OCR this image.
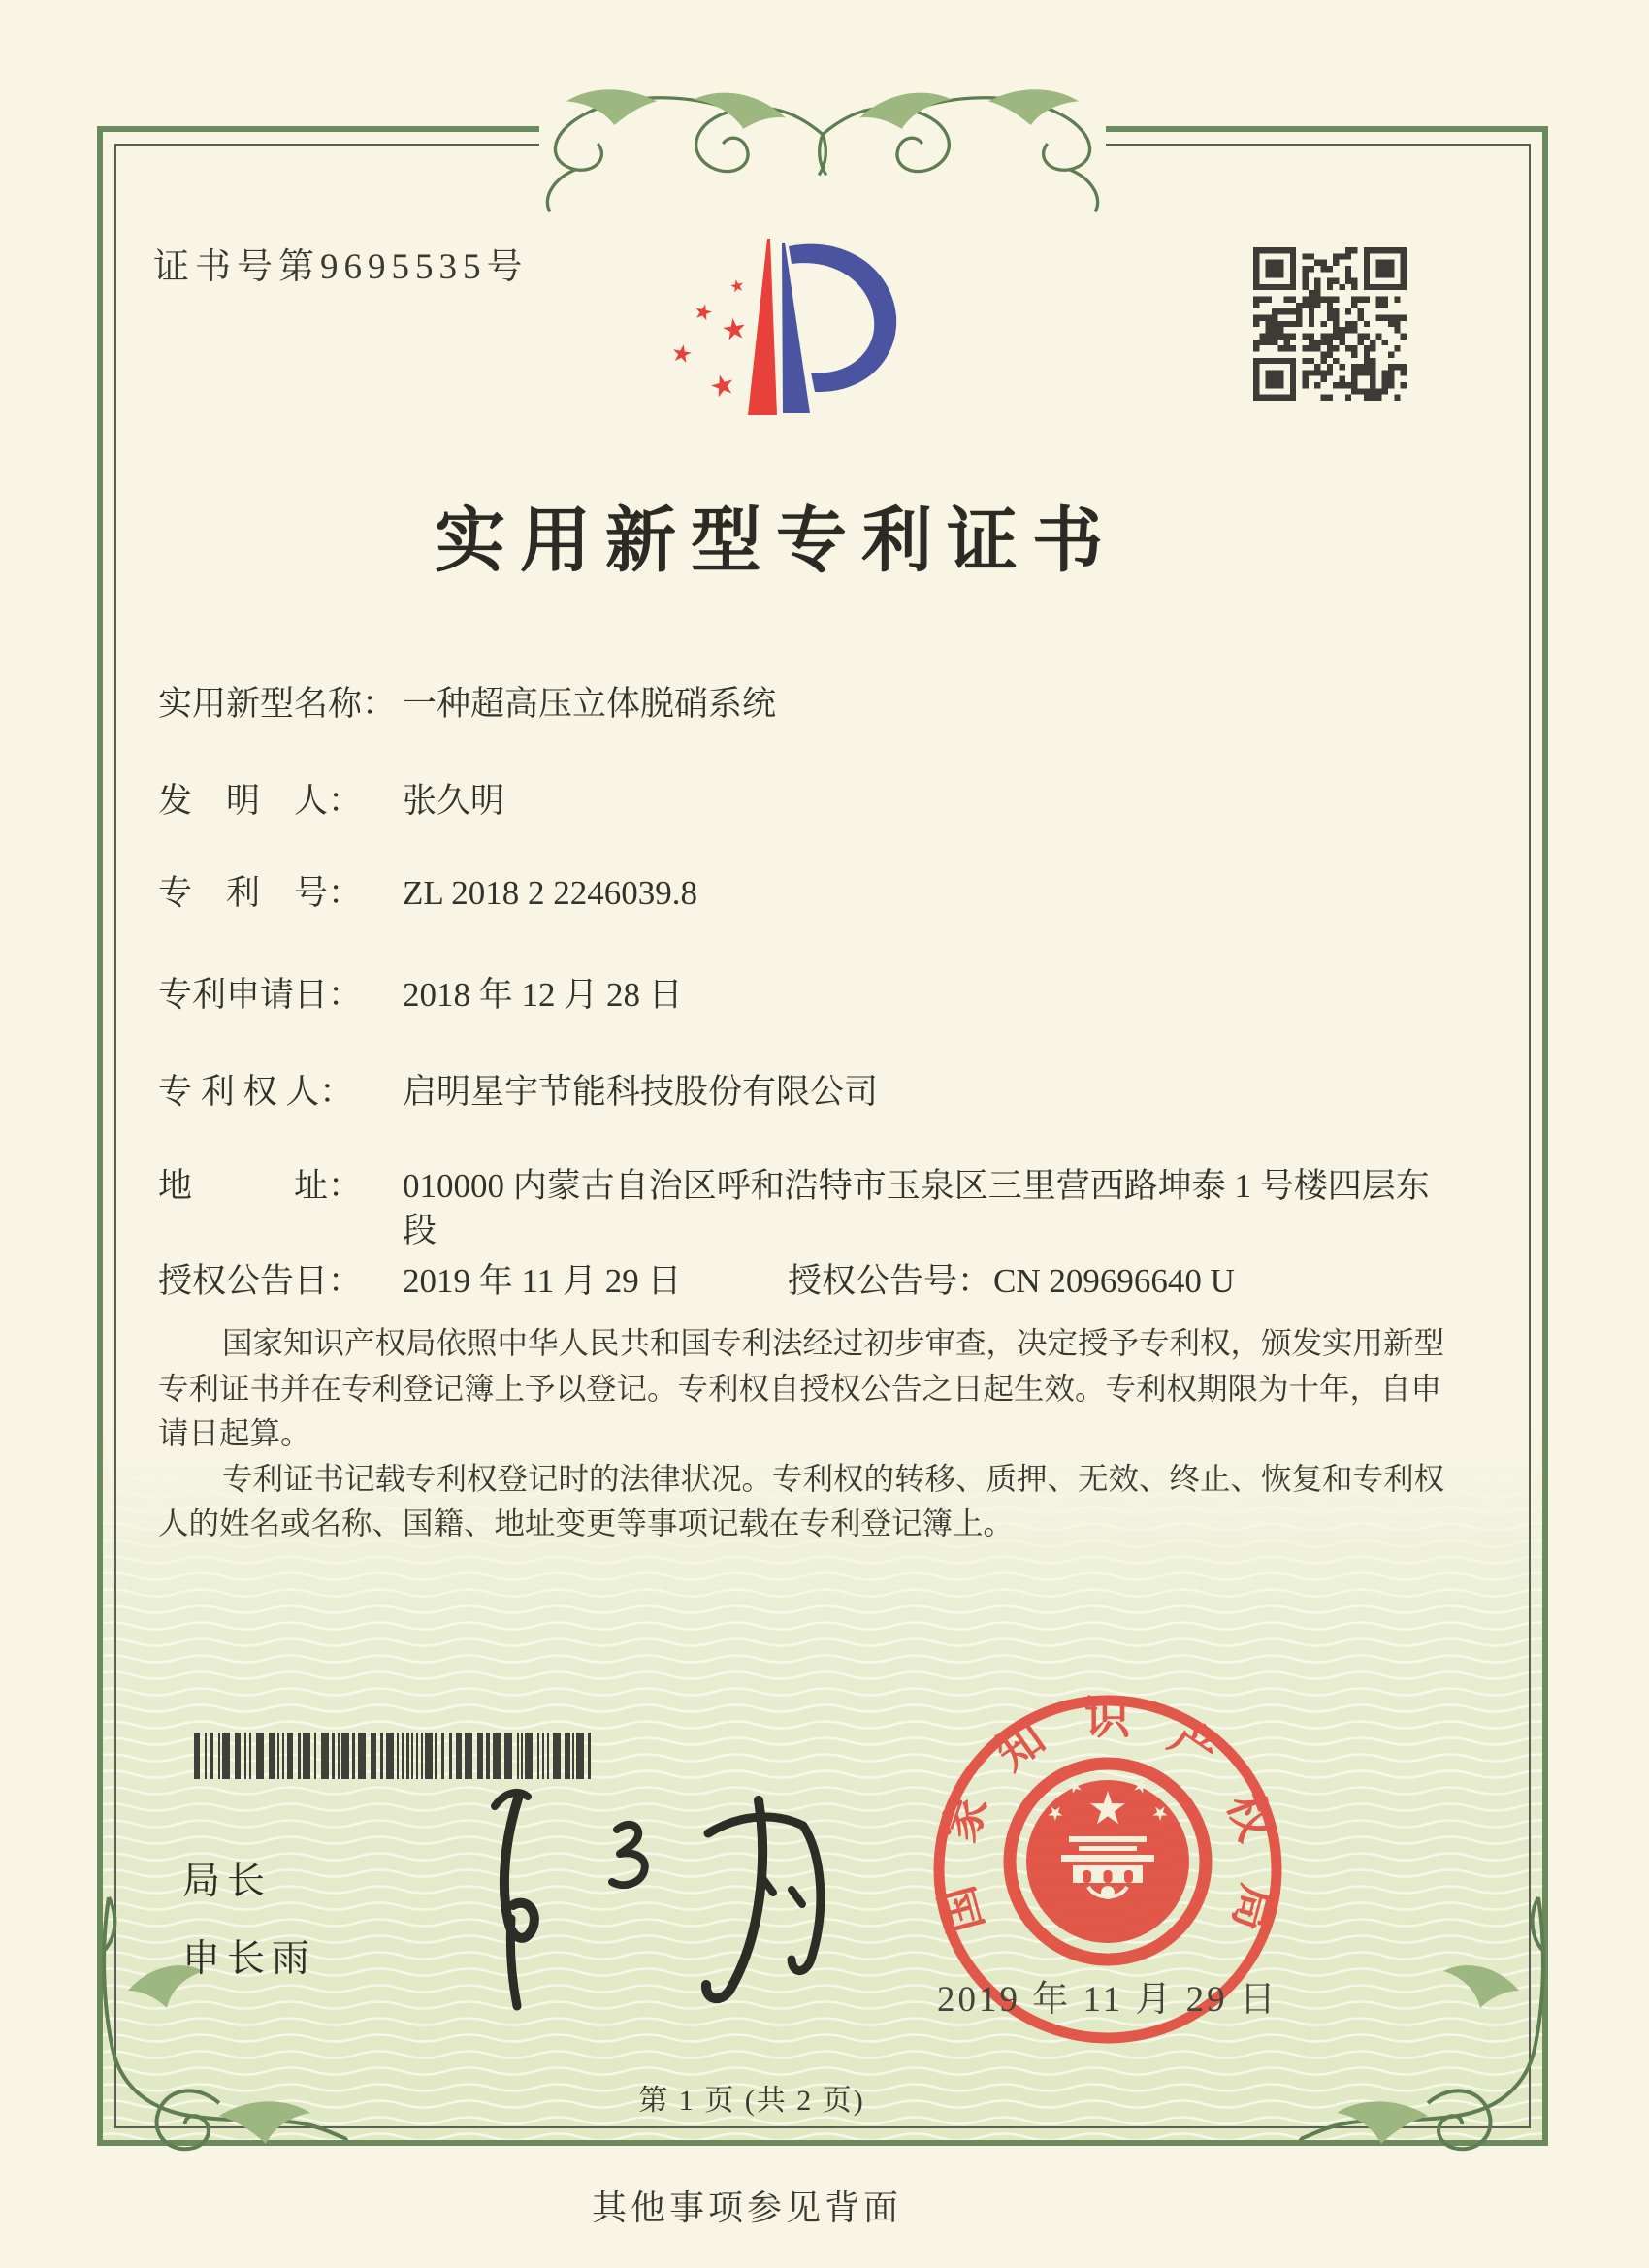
证书号第9695535号
实用新型专利证书
实用新型名称： 一种超高压立体脱硝系统
发　明　人： 张久明
专　利　号： ZL 2018 2 2246039.8
专利申请日： 2018 年 12 月 28 日
专 利 权 人： 启明星宇节能科技股份有限公司
地　　　址： 010000 内蒙古自治区呼和浩特市玉泉区三里营西路坤泰 1 号楼四层东段
授权公告日： 2019 年 11 月 29 日	授权公告号：CN 209696640 U

国家知识产权局依照中华人民共和国专利法经过初步审查，决定授予专利权，颁发实用新型专利证书并在专利登记簿上予以登记。专利权自授权公告之日起生效。专利权期限为十年，自申请日起算。

专利证书记载专利权登记时的法律状况。专利权的转移、质押、无效、终止、恢复和专利权人的姓名或名称、国籍、地址变更等事项记载在专利登记簿上。

局长
申长雨
国家知识产权局
2019 年 11 月 29 日
第 1 页 (共 2 页)
其他事项参见背面
